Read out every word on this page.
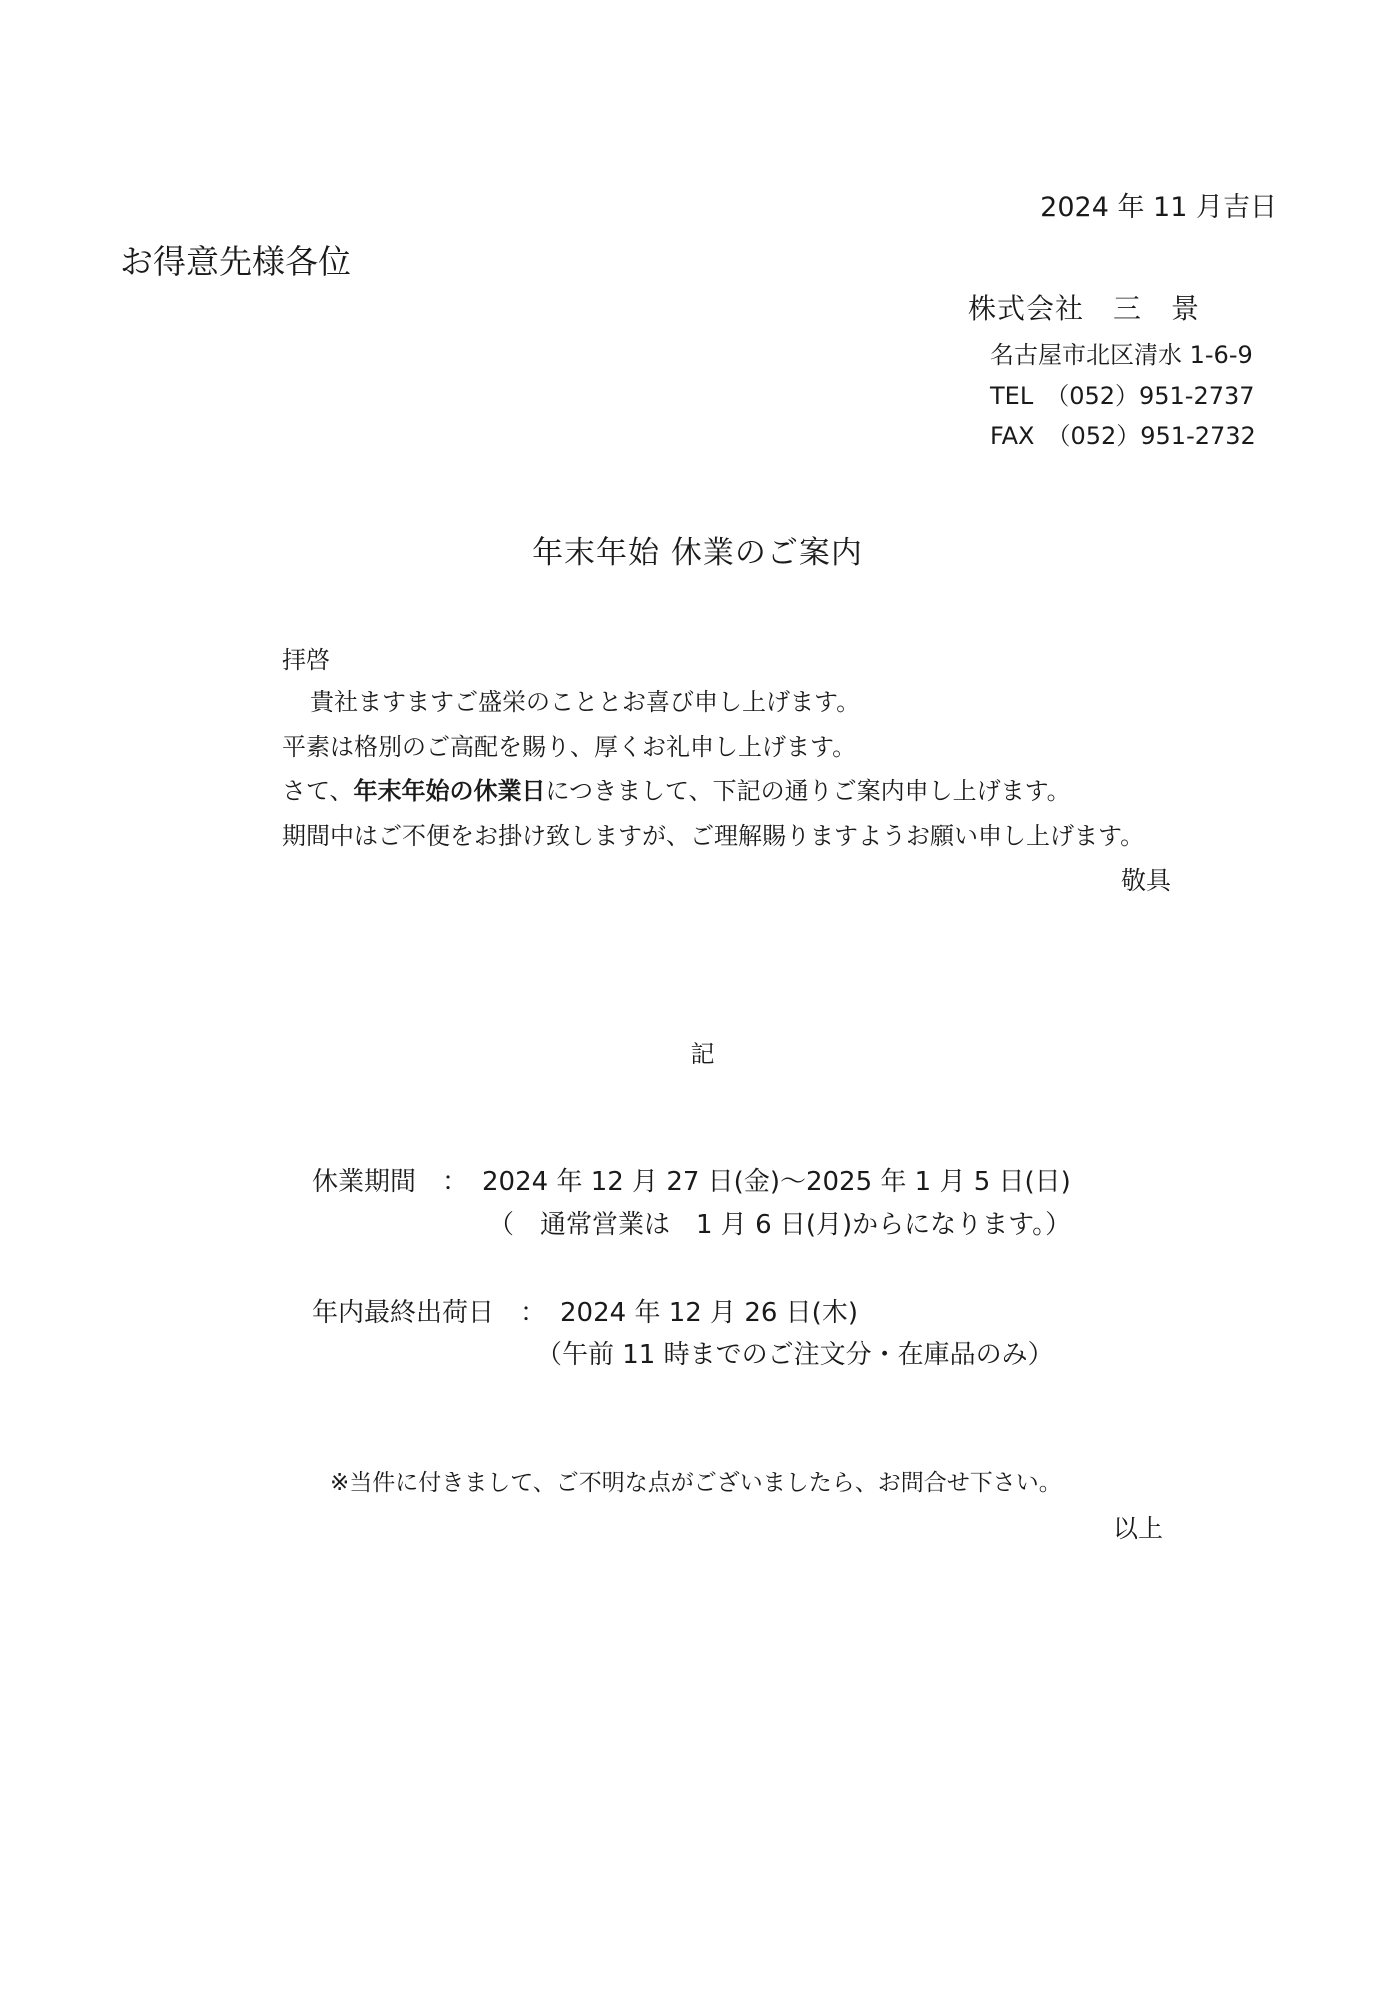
2024 年 11 月吉日
お得意先様各位
株式会社　三　景
名古屋市北区清水 1-6-9
TEL　（052）951-2737
FAX　（052）951-2732
年末年始 休業のご案内
拝啓
貴社ますますご盛栄のこととお喜び申し上げます。
平素は格別のご高配を賜り、厚くお礼申し上げます。
さて、年末年始の休業日につきまして、下記の通りご案内申し上げます。
期間中はご不便をお掛け致しますが、ご理解賜りますようお願い申し上げます。
敬具
記
休業期間　： 2024 年 12 月 27 日(金)～2025 年 1 月 5 日(日)
（　通常営業は　1 月 6 日(月)からになります。）
年内最終出荷日　： 2024 年 12 月 26 日(木)
（午前 11 時までのご注文分・在庫品のみ）
※当件に付きまして、ご不明な点がございましたら、お問合せ下さい。
以上
